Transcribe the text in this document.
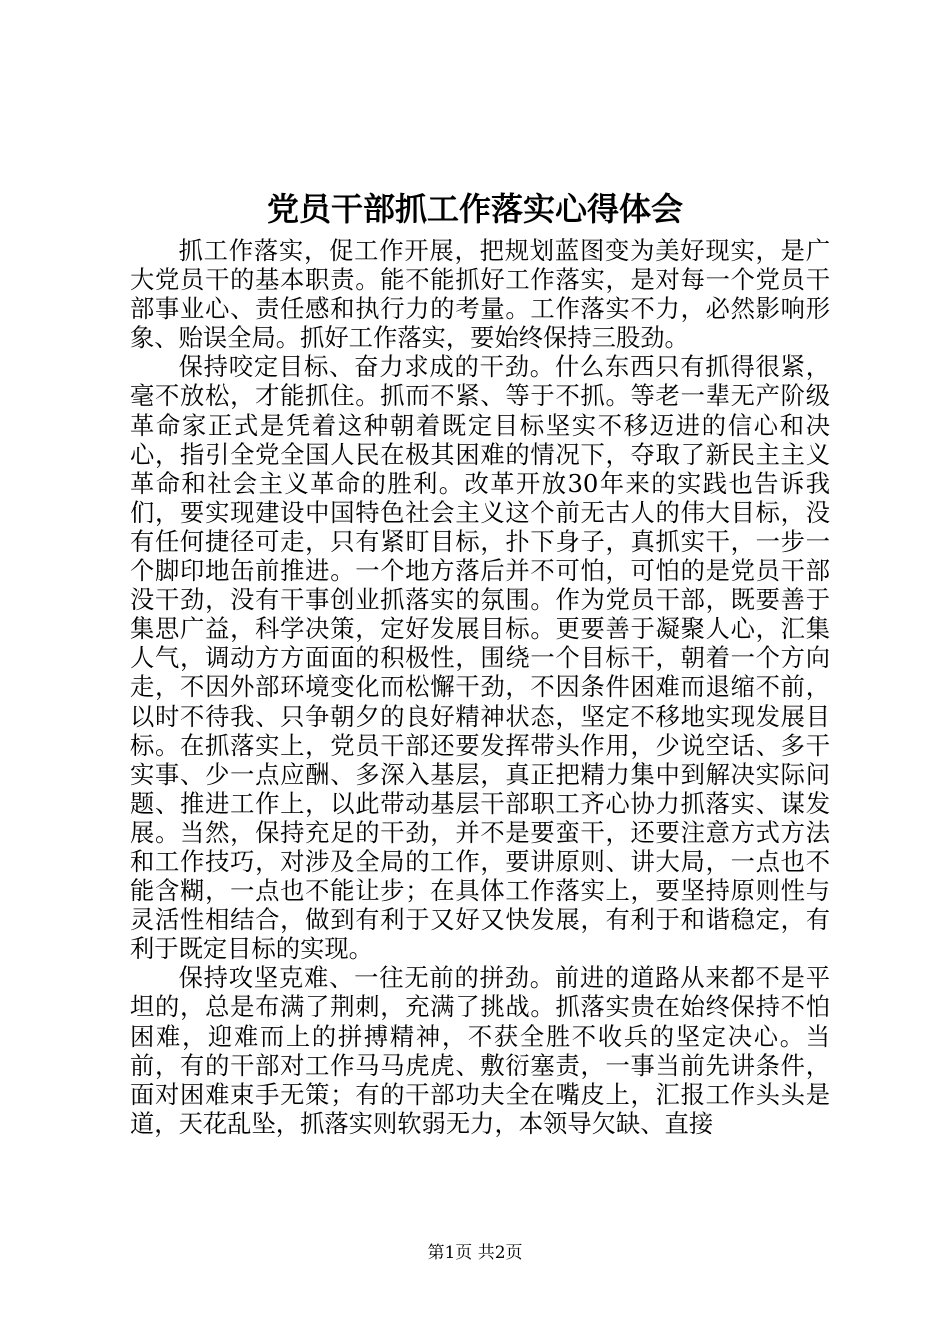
党员干部抓工作落实心得体会

抓工作落实，促工作开展，把规划蓝图变为美好现实，是广大党员干的基本职责。能不能抓好工作落实，是对每一个党员干部事业心、责任感和执行力的考量。工作落实不力，必然影响形象、贻误全局。抓好工作落实，要始终保持三股劲。

保持咬定目标、奋力求成的干劲。什么东西只有抓得很紧，毫不放松，才能抓住。抓而不紧、等于不抓。等老一辈无产阶级革命家正式是凭着这种朝着既定目标坚实不移迈进的信心和决心，指引全党全国人民在极其困难的情况下，夺取了新民主主义革命和社会主义革命的胜利。改革开放30年来的实践也告诉我们，要实现建设中国特色社会主义这个前无古人的伟大目标，没有任何捷径可走，只有紧盯目标，扑下身子，真抓实干，一步一个脚印地缶前推进。一个地方落后并不可怕，可怕的是党员干部没干劲，没有干事创业抓落实的氛围。作为党员干部，既要善于集思广益，科学决策，定好发展目标。更要善于凝聚人心，汇集人气，调动方方面面的积极性，围绕一个目标干，朝着一个方向走，不因外部环境变化而松懈干劲，不因条件困难而退缩不前，以时不待我、只争朝夕的良好精神状态，坚定不移地实现发展目标。在抓落实上，党员干部还要发挥带头作用，少说空话、多干实事、少一点应酬、多深入基层，真正把精力集中到解决实际问题、推进工作上，以此带动基层干部职工齐心协力抓落实、谋发展。当然，保持充足的干劲，并不是要蛮干，还要注意方式方法和工作技巧，对涉及全局的工作，要讲原则、讲大局，一点也不能含糊，一点也不能让步；在具体工作落实上，要坚持原则性与灵活性相结合，做到有利于又好又快发展，有利于和谐稳定，有利于既定目标的实现。

保持攻坚克难、一往无前的拼劲。前进的道路从来都不是平坦的，总是布满了荆刺，充满了挑战。抓落实贵在始终保持不怕困难，迎难而上的拼搏精神，不获全胜不收兵的坚定决心。当前，有的干部对工作马马虎虎、敷衍塞责，一事当前先讲条件，面对困难束手无策；有的干部功夫全在嘴皮上，汇报工作头头是道，天花乱坠，抓落实则软弱无力，本领导欠缺、直接

第1页 共2页
